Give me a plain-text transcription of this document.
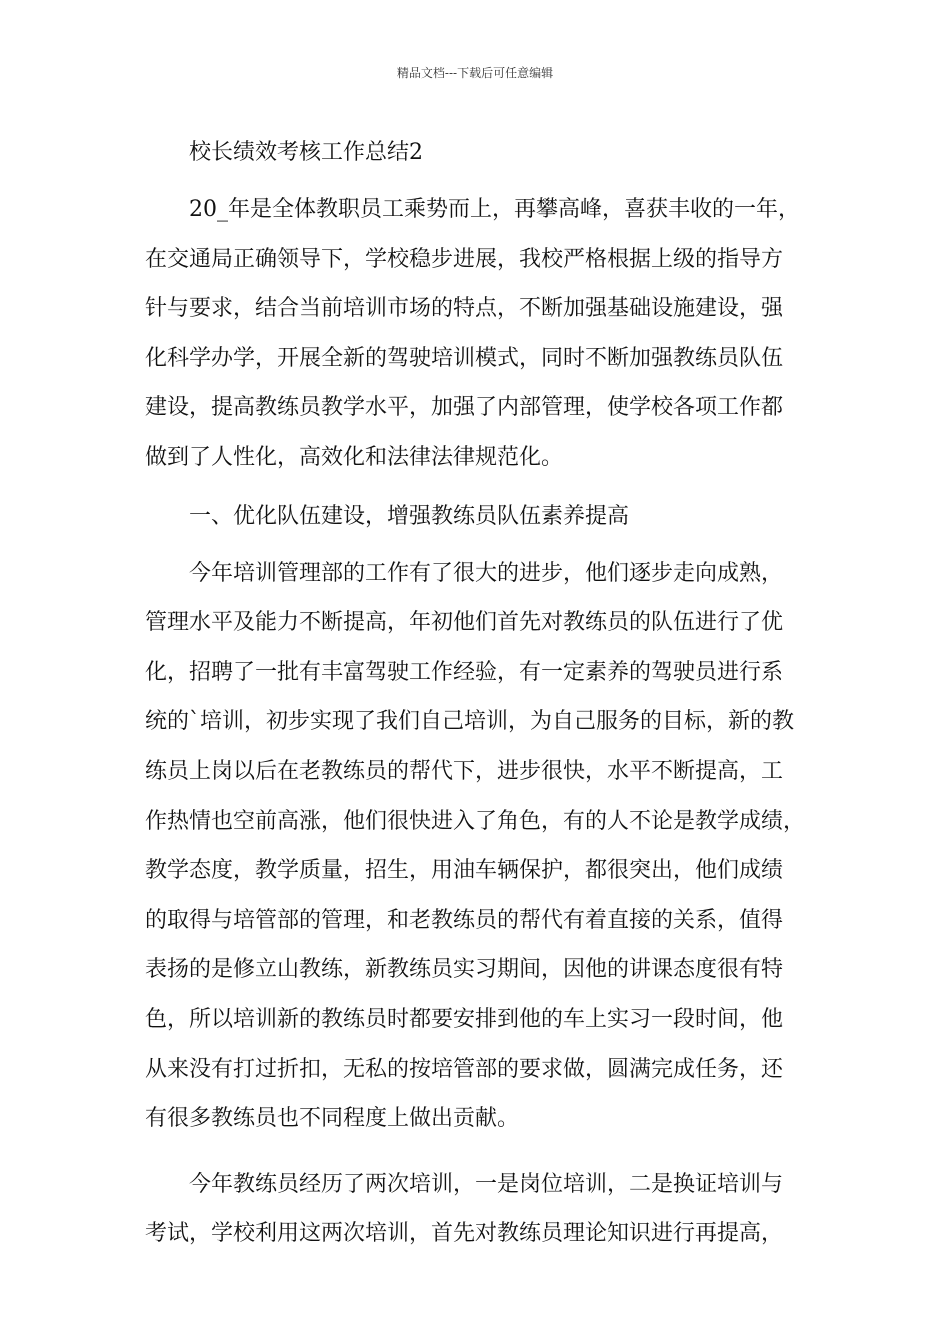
精品文档---下载后可任意编辑
校长绩效考核工作总结2
20_年是全体教职员工乘势而上，再攀高峰，喜获丰收的一年，
在交通局正确领导下，学校稳步进展，我校严格根据上级的指导方
针与要求，结合当前培训市场的特点，不断加强基础设施建设，强
化科学办学，开展全新的驾驶培训模式，同时不断加强教练员队伍
建设，提高教练员教学水平，加强了内部管理，使学校各项工作都
做到了人性化，高效化和法律法律规范化。
一、优化队伍建设，增强教练员队伍素养提高
今年培训管理部的工作有了很大的进步，他们逐步走向成熟，
管理水平及能力不断提高，年初他们首先对教练员的队伍进行了优
化，招聘了一批有丰富驾驶工作经验，有一定素养的驾驶员进行系
统的`培训，初步实现了我们自己培训，为自己服务的目标，新的教
练员上岗以后在老教练员的帮代下，进步很快，水平不断提高，工
作热情也空前高涨，他们很快进入了角色，有的人不论是教学成绩，
教学态度，教学质量，招生，用油车辆保护，都很突出，他们成绩
的取得与培管部的管理，和老教练员的帮代有着直接的关系，值得
表扬的是修立山教练，新教练员实习期间，因他的讲课态度很有特
色，所以培训新的教练员时都要安排到他的车上实习一段时间，他
从来没有打过折扣，无私的按培管部的要求做，圆满完成任务，还
有很多教练员也不同程度上做出贡献。
今年教练员经历了两次培训，一是岗位培训，二是换证培训与
考试，学校利用这两次培训，首先对教练员理论知识进行再提高，
